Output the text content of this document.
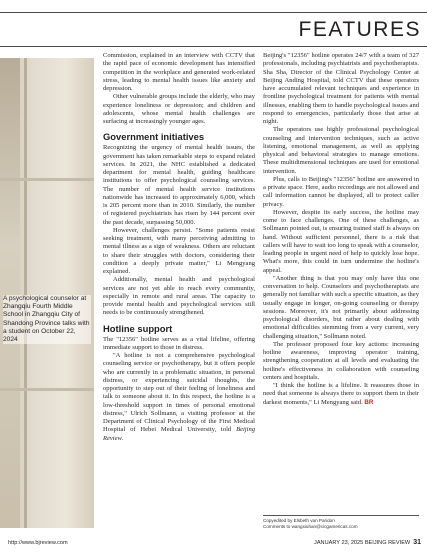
FEATURES
A psychological counselor at Zhangqiu Fourth Middle School in Zhangqiu City of Shandong Province talks with a student on October 22, 2024

Commission, explained in an interview with CCTV that the rapid pace of economic development has intensified competition in the workplace and generated work-related stress, leading to mental health issues like anxiety and depression.

Other vulnerable groups include the elderly, who may experience loneliness or depression; and children and adolescents, whose mental health challenges are surfacing at increasingly younger ages.

Government initiatives

Recognizing the urgency of mental health issues, the government has taken remarkable steps to expand related services. In 2021, the NHC established a dedicated department for mental health, guiding healthcare institutions to offer psychological counseling services. The number of mental health service institutions nationwide has increased to approximately 6,000, which is 205 percent more than in 2010. Similarly, the number of registered psychiatrists has risen by 144 percent over the past decade, surpassing 50,000.

However, challenges persist. "Some patients resist seeking treatment, with many perceiving admitting to mental illness as a sign of weakness. Others are reluctant to share their struggles with doctors, considering their condition a deeply private matter," Li Mengyang explained.

Additionally, mental health and psychological services are not yet able to reach every community, especially in remote and rural areas. The capacity to provide mental health and psychological services still needs to be continuously strengthened.

Hotline support

The "12356" hotline serves as a vital lifeline, offering immediate support to those in distress.

"A hotline is not a comprehensive psychological counseling service or psychotherapy, but it offers people who are currently in a problematic situation, in personal distress, or experiencing suicidal thoughts, the opportunity to step out of their feeling of loneliness and talk to someone about it. In this respect, the hotline is a low-threshold support in times of personal emotional distress," Ulrich Sollmann, a visiting professor at the Department of Clinical Psychology of the First Medical Hospital of Hebei Medical University, told Beijing Review.

Beijing's "12356" hotline operates 24/7 with a team of 327 professionals, including psychiatrists and psychotherapists. Sha Sha, Director of the Clinical Psychology Center at Beijing Anding Hospital, told CCTV that these operators have accumulated relevant techniques and experience in frontline psychological treatment for patients with mental illnesses, enabling them to handle psychological issues and respond to emergencies, particularly those that arise at night.

The operators use highly professional psychological counseling and intervention techniques, such as active listening, emotional management, as well as applying physical and behavioral strategies to manage emotions. These multidimensional techniques are used for emotional intervention.

Plus, calls to Beijing's "12356" hotline are answered in a private space. Here, audio recordings are not allowed and call information cannot be displayed, all to protect caller privacy.

However, despite its early success, the hotline may come to face challenges. One of these challenges, as Sollmann pointed out, is ensuring trained staff is always on hand. Without sufficient personnel, there is a risk that callers will have to wait too long to speak with a counselor, leading people in urgent need of help to quickly lose hope. What's more, this could in turn undermine the hotline's appeal.

"Another thing is that you may only have this one conversation to help. Counselors and psychotherapists are generally not familiar with such a specific situation, as they usually engage in longer, on-going counseling or therapy sessions. Moreover, it's not primarily about addressing psychological disorders, but rather about dealing with emotional difficulties stemming from a very current, very challenging situation," Sollmann noted.

The professor proposed four key actions: increasing hotline awareness, improving operator training, strengthening cooperation at all levels and evaluating the hotline's effectiveness in collaboration with counseling centers and hospitals.

"I think the hotline is a lifeline. It reassures those in need that someone is always there to support them in their darkest moments," Li Mengyang said. BR

Copyedited by Elsbeth van Paridon
Comments to wangxiuhan@cicgamericas.com
http://www.bjreview.com	JANUARY 23, 2025 BEIJING REVIEW 31
